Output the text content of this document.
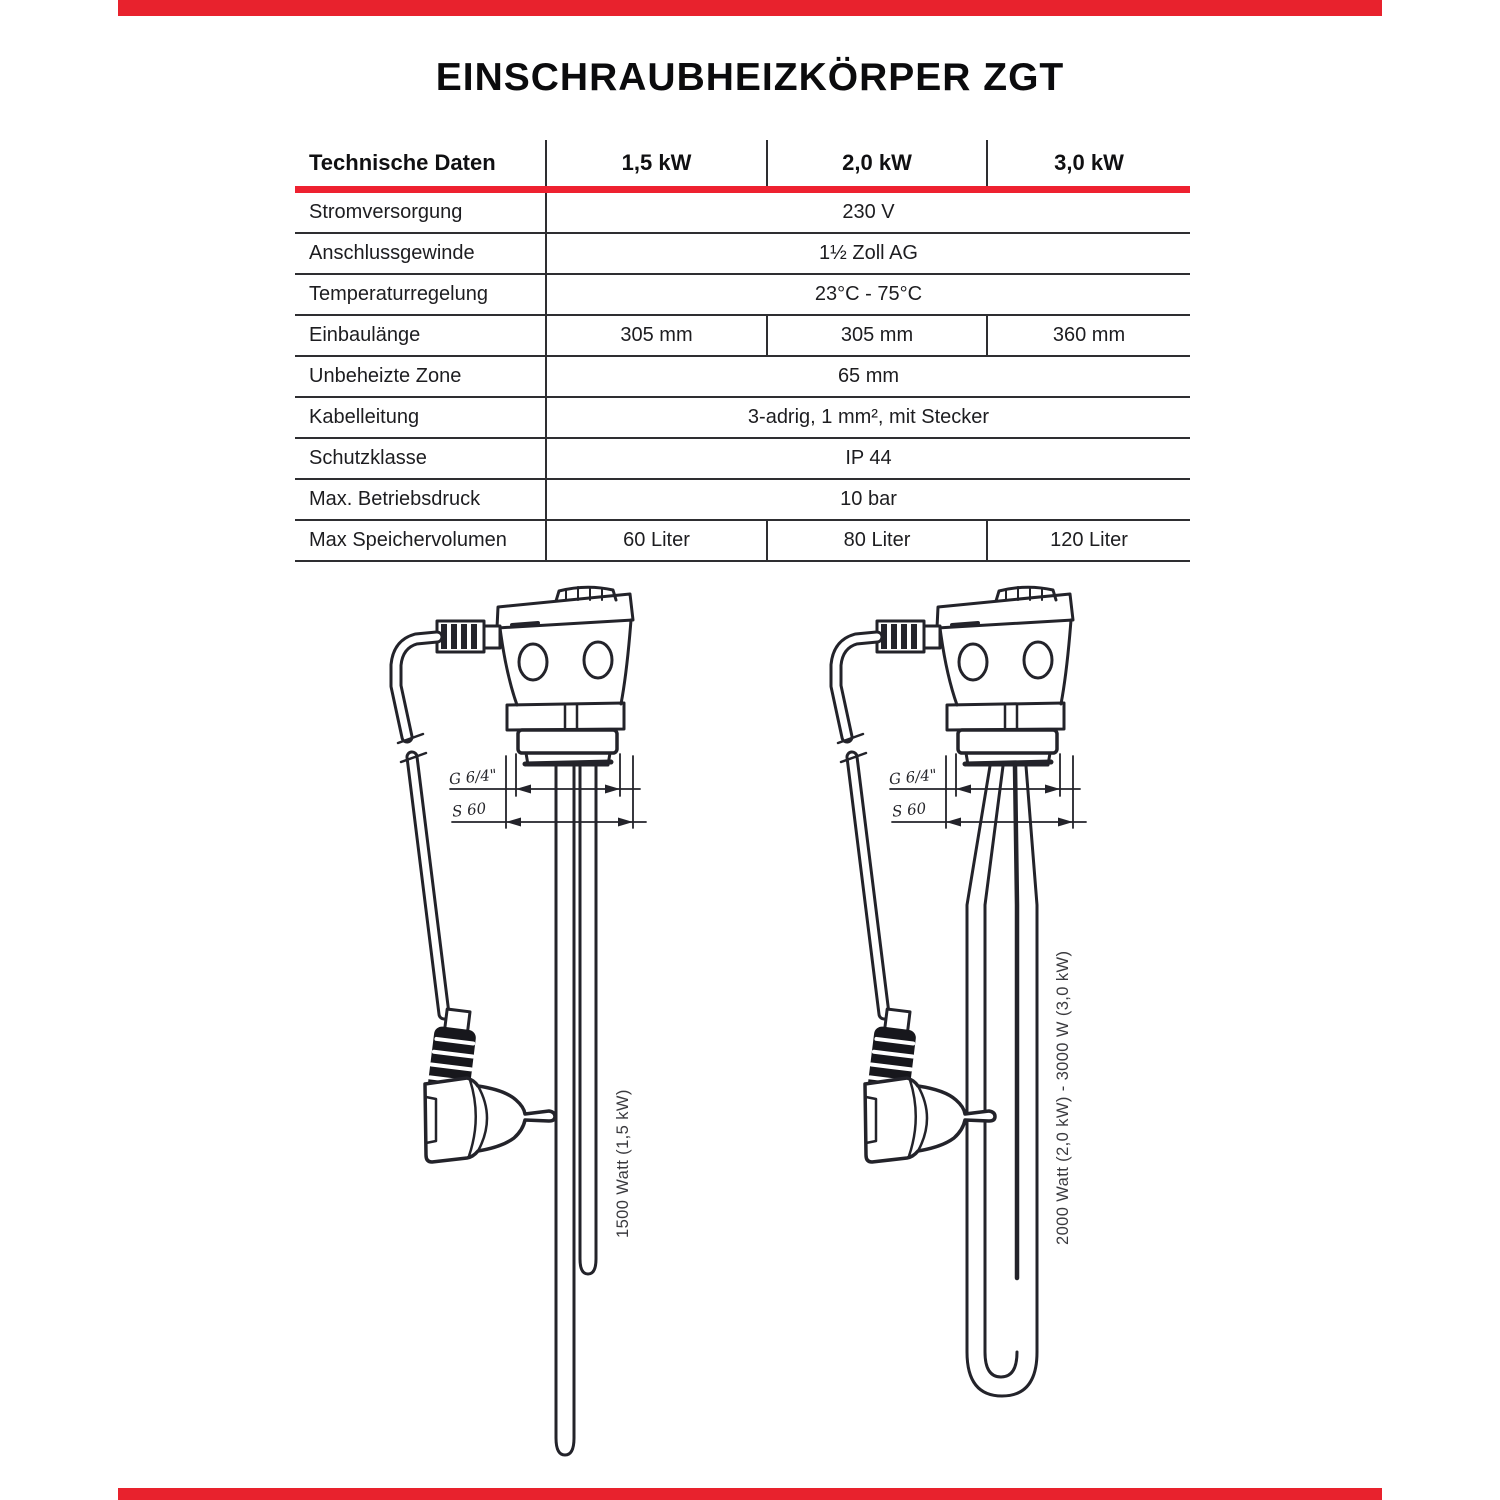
EINSCHRAUBHEIZKÖRPER ZGT
Technische Daten	1,5 kW	2,0 kW	3,0 kW
Stromversorgung	230 V
Anschlussgewinde	1½ Zoll AG
Temperaturregelung	23°C - 75°C
Einbaulänge	305 mm	305 mm	360 mm
Unbeheizte Zone	65 mm
Kabelleitung	3-adrig, 1 mm², mit Stecker
Schutzklasse	IP 44
Max. Betriebsdruck	10 bar
Max Speichervolumen	60 Liter	80 Liter	120 Liter
G 6/4"
S 60
G 6/4"
S 60
1500 Watt (1,5 kW)	2000 Watt (2,0 kW) - 3000 W (3,0 kW)
